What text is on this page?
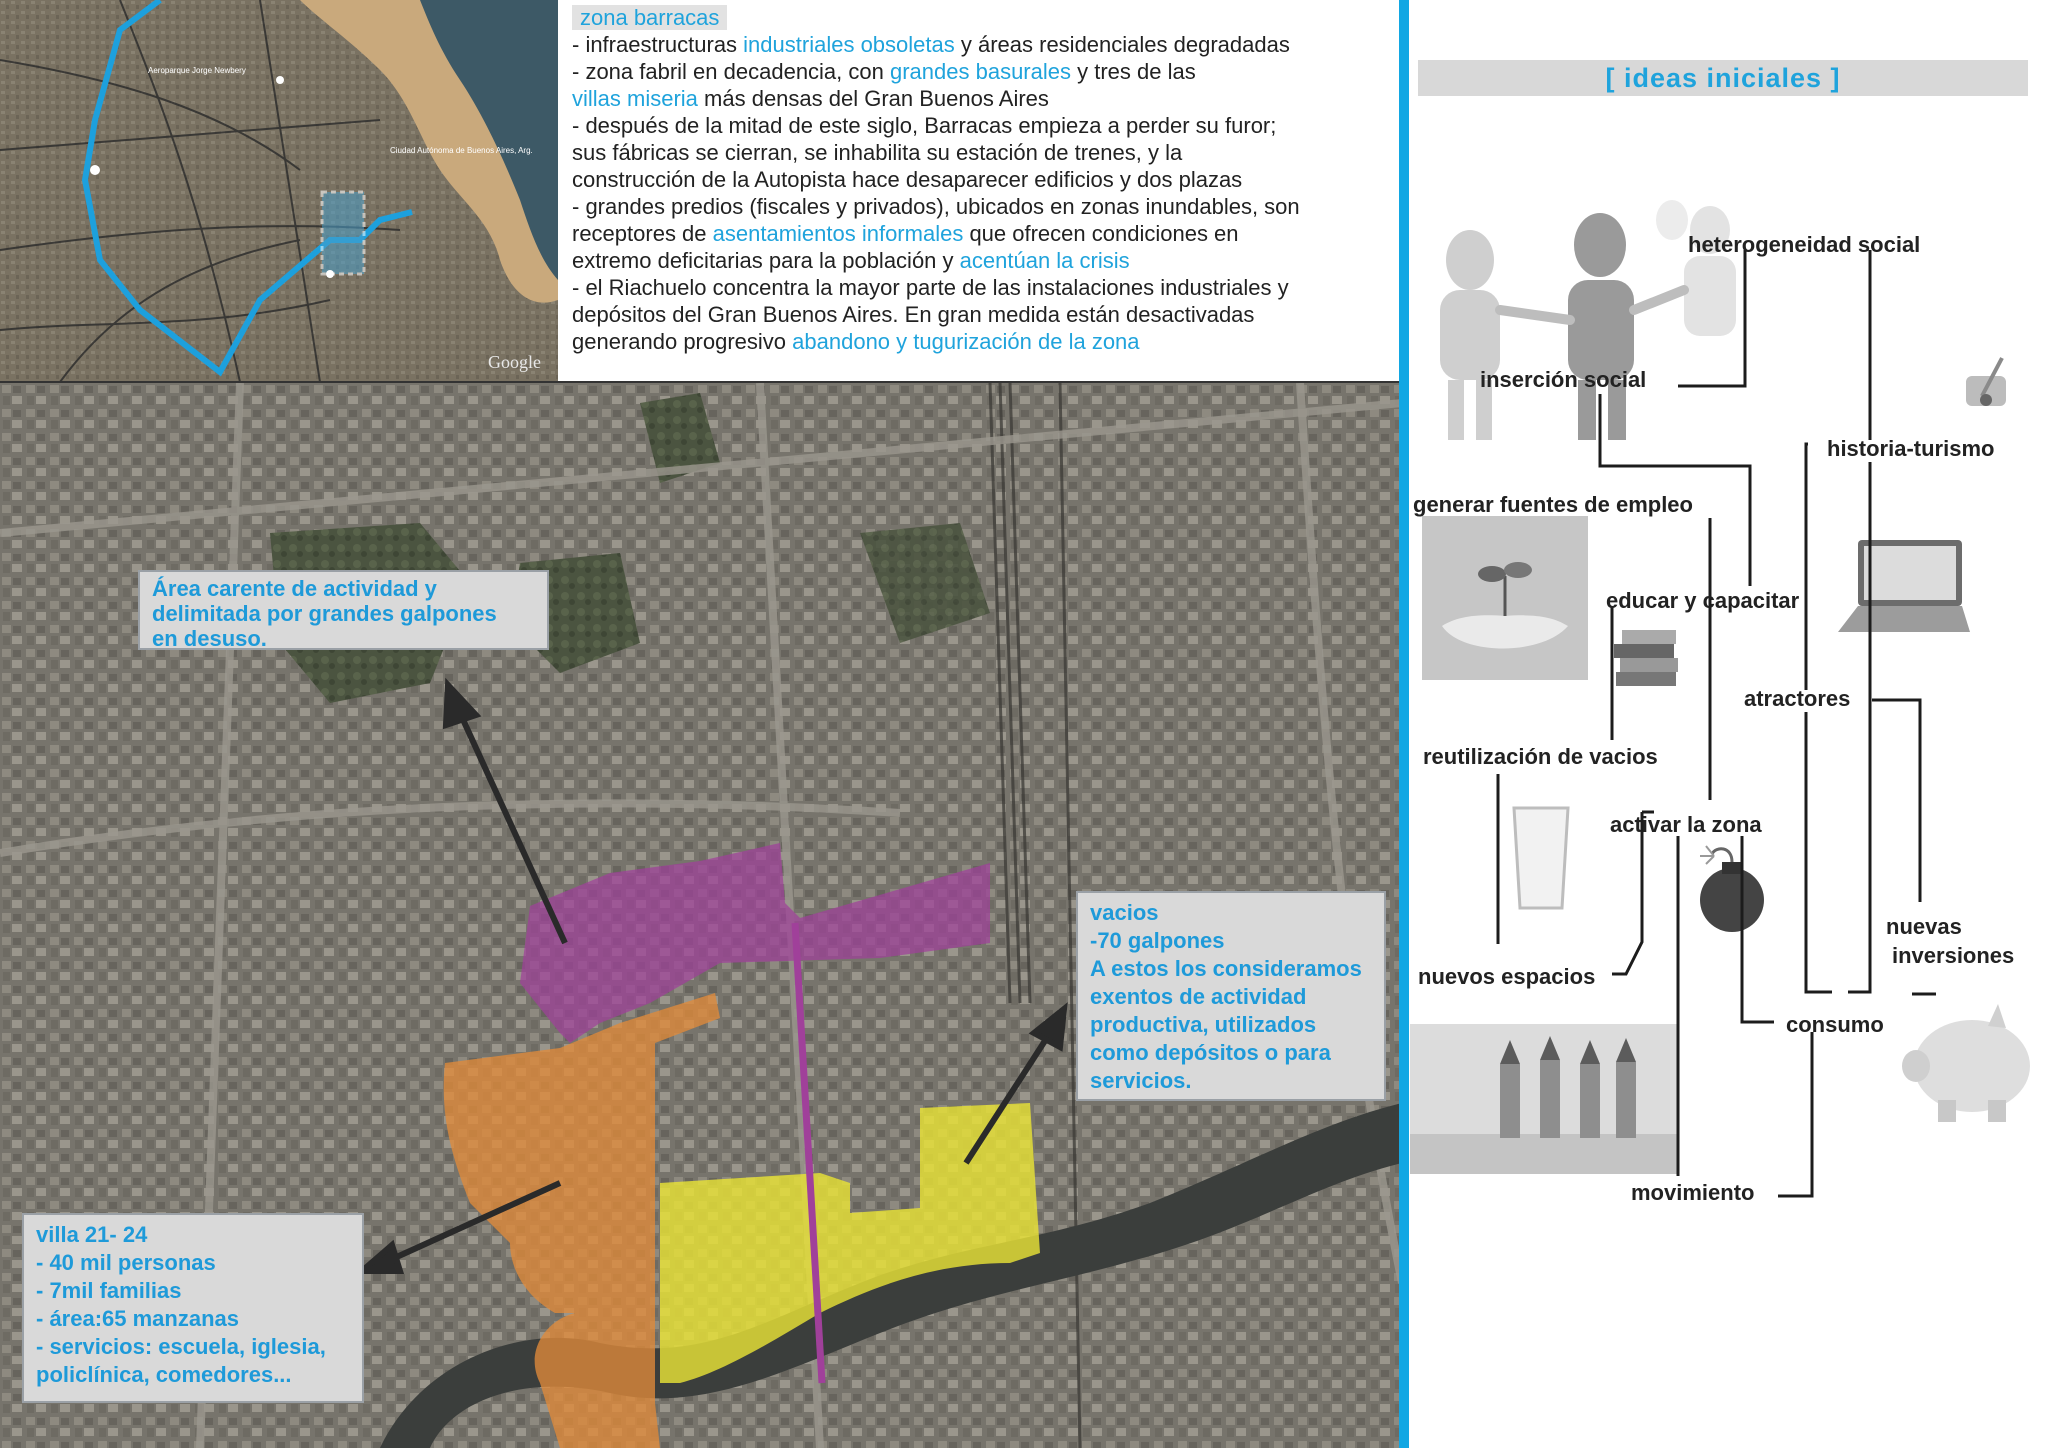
Aeroparque Jorge Newbery
Ciudad Autónoma de Buenos Aires, Arg.
Google
zona barracas
- infraestructuras industriales obsoletas y áreas residenciales degradadas
- zona fabril en decadencia, con grandes basurales y tres de las
villas miseria más densas del Gran Buenos Aires
- después de la mitad de este siglo, Barracas empieza a perder su furor;
sus fábricas se cierran, se inhabilita su estación de trenes, y la
construcción de la Autopista hace desaparecer edificios y dos plazas
- grandes predios (fiscales y privados), ubicados en zonas inundables, son
receptores de asentamientos informales que ofrecen condiciones en
extremo deficitarias para la población y acentúan la crisis
- el Riachuelo concentra la mayor parte de las instalaciones industriales y
depósitos del Gran Buenos Aires. En gran medida están desactivadas
generando progresivo abandono y tugurización de la zona
Área carente de actividad y
delimitada por grandes galpones
en desuso.
vacios
-70 galpones
A estos los consideramos
exentos de actividad
productiva, utilizados
como depósitos o para
servicios.
villa 21- 24
- 40 mil personas
- 7mil familias
- área:65 manzanas
- servicios: escuela, iglesia,
policlínica, comedores...
[ ideas iniciales ]
heterogeneidad social
inserción social
historia-turismo
generar fuentes de empleo
educar y capacitar
atractores
reutilización de vacios
activar la zona
nuevas
inversiones
nuevos espacios
consumo
movimiento
